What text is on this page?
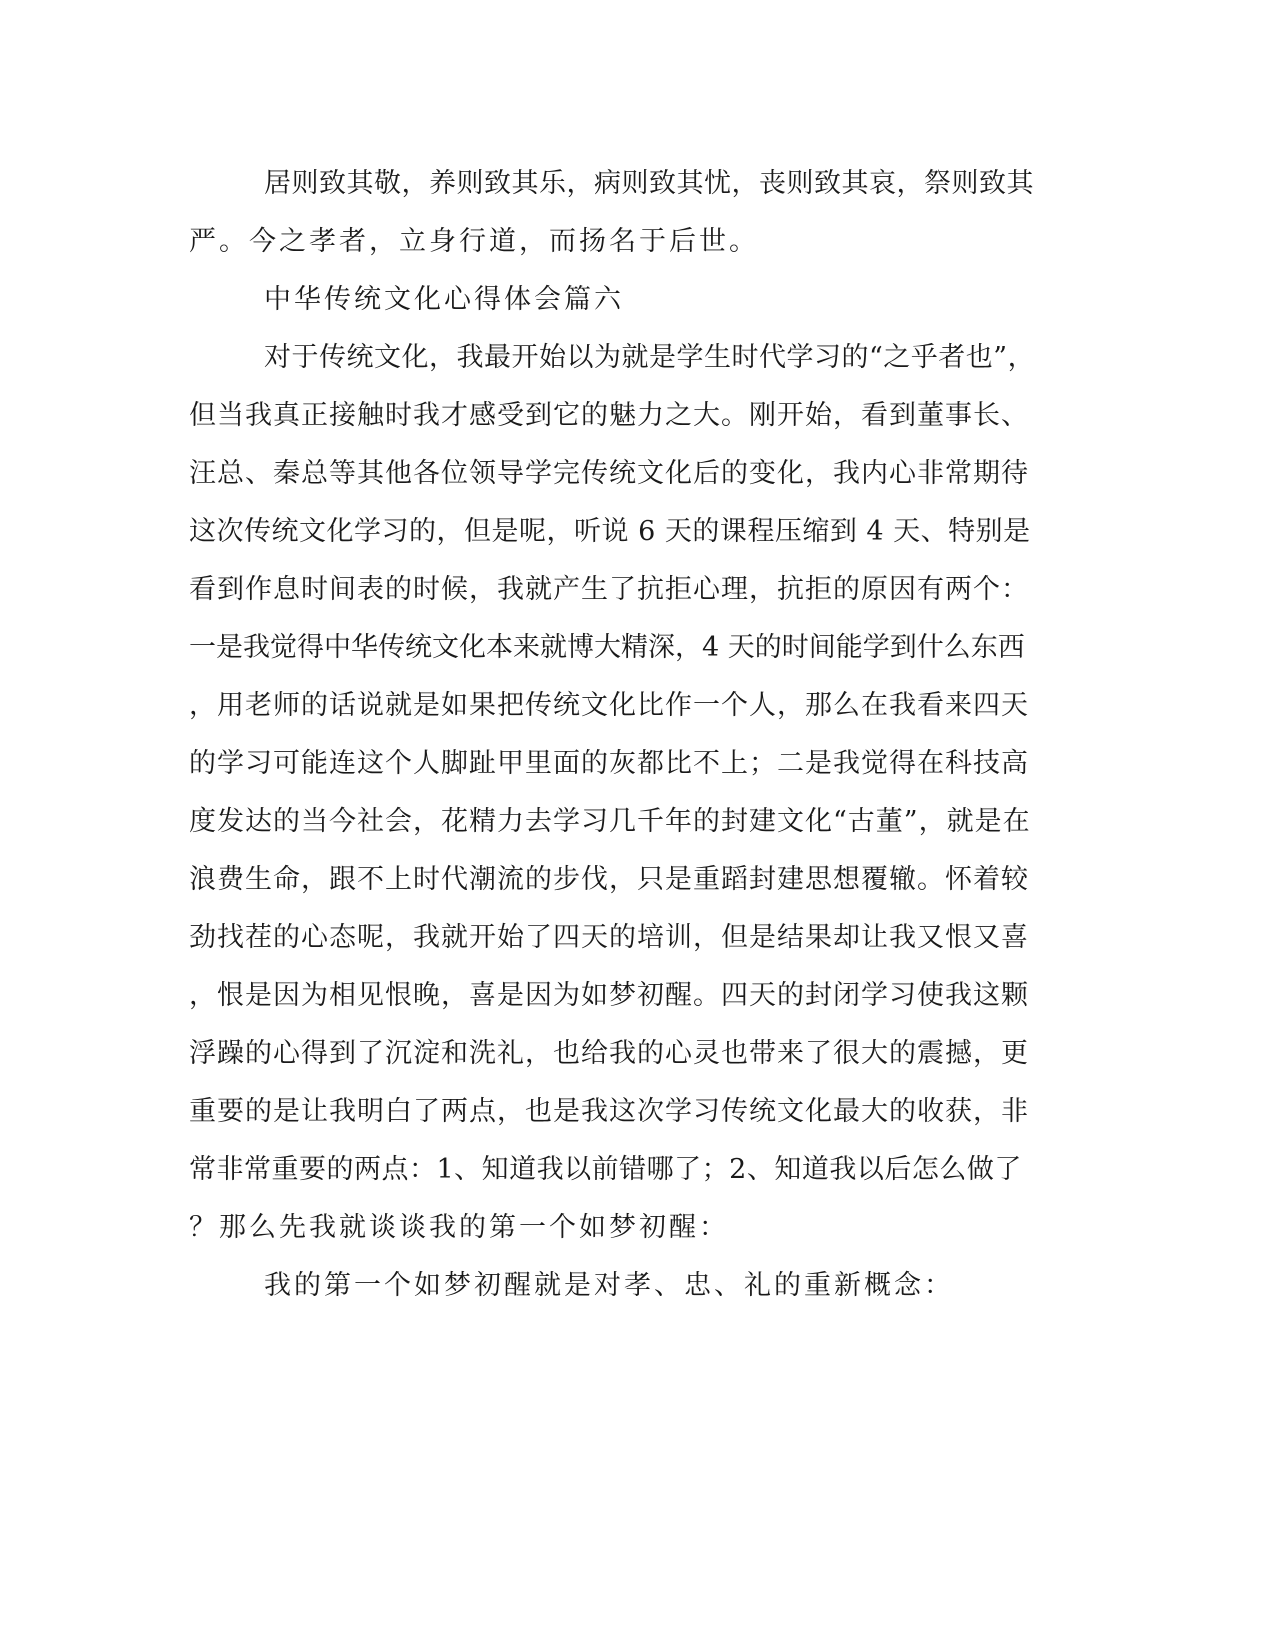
居则致其敬，养则致其乐，病则致其忧，丧则致其哀，祭则致其
严。今之孝者，立身行道，而扬名于后世。
中华传统文化心得体会篇六
对于传统文化，我最开始以为就是学生时代学习的“之乎者也”，
但当我真正接触时我才感受到它的魅力之大。刚开始，看到董事长、
汪总、秦总等其他各位领导学完传统文化后的变化，我内心非常期待
这次传统文化学习的，但是呢，听说 6 天的课程压缩到 4 天、特别是
看到作息时间表的时候，我就产生了抗拒心理，抗拒的原因有两个：
一是我觉得中华传统文化本来就博大精深，4 天的时间能学到什么东西
，用老师的话说就是如果把传统文化比作一个人，那么在我看来四天
的学习可能连这个人脚趾甲里面的灰都比不上；二是我觉得在科技高
度发达的当今社会，花精力去学习几千年的封建文化“古董”，就是在
浪费生命，跟不上时代潮流的步伐，只是重蹈封建思想覆辙。怀着较
劲找茬的心态呢，我就开始了四天的培训，但是结果却让我又恨又喜
，恨是因为相见恨晚，喜是因为如梦初醒。四天的封闭学习使我这颗
浮躁的心得到了沉淀和洗礼，也给我的心灵也带来了很大的震撼，更
重要的是让我明白了两点，也是我这次学习传统文化最大的收获，非
常非常重要的两点：1、知道我以前错哪了；2、知道我以后怎么做了
？那么先我就谈谈我的第一个如梦初醒：
我的第一个如梦初醒就是对孝、忠、礼的重新概念：
